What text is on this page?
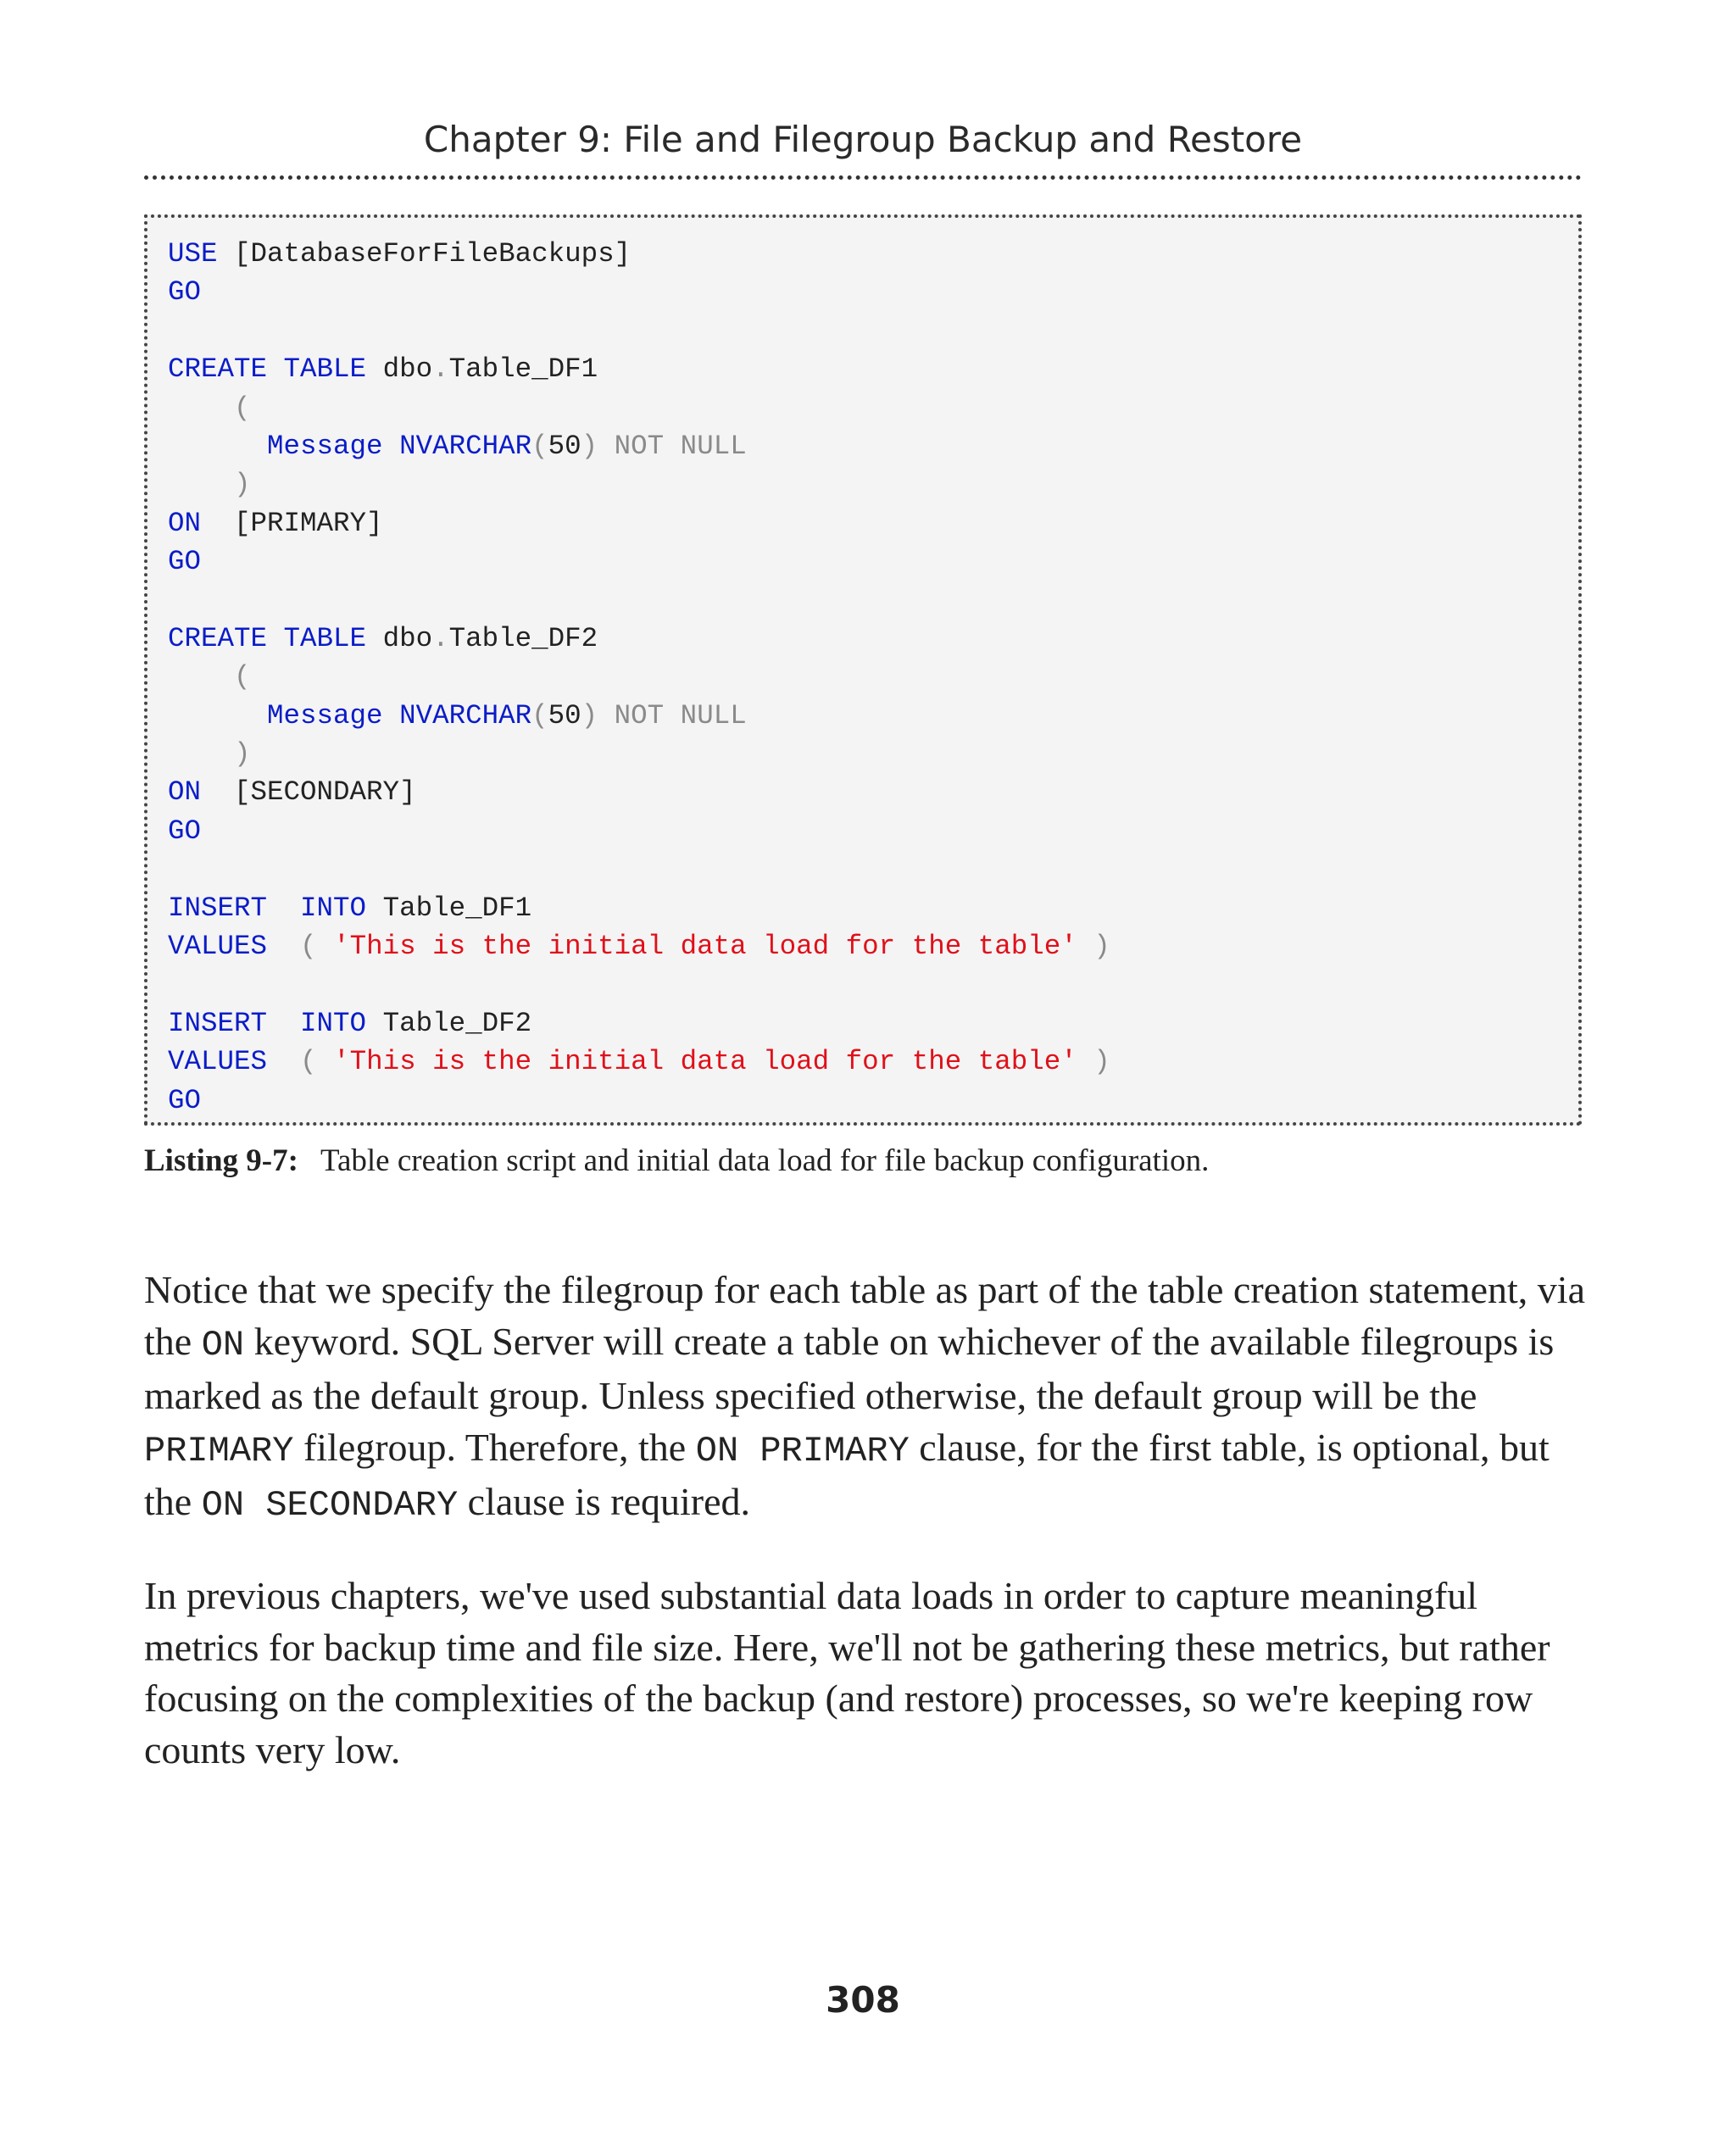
Chapter 9: File and Filegroup Backup and Restore
USE [DatabaseForFileBackups]
GO
CREATE TABLE dbo.Table_DF1
(
Message NVARCHAR(50) NOT NULL
)
ON [PRIMARY]
GO
CREATE TABLE dbo.Table_DF2
(
Message NVARCHAR(50) NOT NULL
)
ON [SECONDARY]
GO
INSERT INTO Table_DF1
VALUES ( 'This is the initial data load for the table' )
INSERT INTO Table_DF2
VALUES ( 'This is the initial data load for the table' )
GO
Listing 9-7: Table creation script and initial data load for file backup configuration.
Notice that we specify the filegroup for each table as part of the table creation statement, via the ON keyword. SQL Server will create a table on whichever of the available filegroups is marked as the default group. Unless specified otherwise, the default group will be the PRIMARY filegroup. Therefore, the ON PRIMARY clause, for the first table, is optional, but the ON SECONDARY clause is required.
In previous chapters, we've used substantial data loads in order to capture meaningful metrics for backup time and file size. Here, we'll not be gathering these metrics, but rather focusing on the complexities of the backup (and restore) processes, so we're keeping row counts very low.
308
